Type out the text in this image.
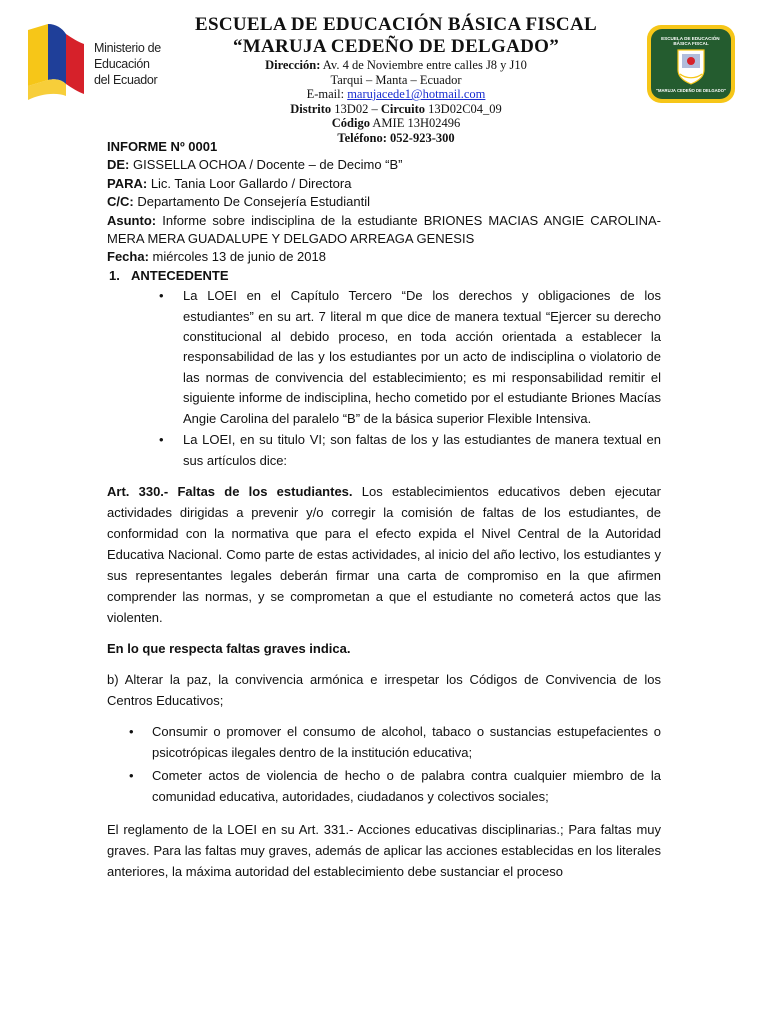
Ministerio de
Educación
del Ecuador
ESCUELA DE EDUCACIÓN BÁSICA FISCAL
“MARUJA CEDEÑO DE DELGADO”
Dirección: Av. 4 de Noviembre entre calles J8 y J10
Tarqui – Manta – Ecuador
E-mail: marujacede1@hotmail.com
Distrito 13D02 – Circuito 13D02C04_09
Código AMIE 13H02496
Teléfono: 052-923-300
ESCUELA DE EDUCACIÓN BÁSICA FISCAL
"MARUJA CEDEÑO DE DELGADO"
INFORME Nº 0001
DE: GISSELLA OCHOA / Docente – de Decimo “B”
PARA: Lic. Tania Loor Gallardo / Directora
C/C: Departamento De Consejería Estudiantil
Asunto: Informe sobre indisciplina de la estudiante BRIONES MACIAS ANGIE CAROLINA- MERA MERA GUADALUPE Y DELGADO ARREAGA GENESIS
Fecha: miércoles 13 de junio de 2018
1. ANTECEDENTE
• La LOEI en el Capítulo Tercero “De los derechos y obligaciones de los estudiantes” en su art. 7 literal m que dice de manera textual “Ejercer su derecho constitucional al debido proceso, en toda acción orientada a establecer la responsabilidad de las y los estudiantes por un acto de indisciplina o violatorio de las normas de convivencia del establecimiento; es mi responsabilidad remitir el siguiente informe de indisciplina, hecho cometido por el estudiante Briones Macías Angie Carolina del paralelo “B” de la básica superior Flexible Intensiva.
• La LOEI, en su titulo VI; son faltas de los y las estudiantes de manera textual en sus artículos dice:

Art. 330.- Faltas de los estudiantes. Los establecimientos educativos deben ejecutar actividades dirigidas a prevenir y/o corregir la comisión de faltas de los estudiantes, de conformidad con la normativa que para el efecto expida el Nivel Central de la Autoridad Educativa Nacional. Como parte de estas actividades, al inicio del año lectivo, los estudiantes y sus representantes legales deberán firmar una carta de compromiso en la que afirmen comprender las normas, y se comprometan a que el estudiante no cometerá actos que las violenten.

En lo que respecta faltas graves indica.

b) Alterar la paz, la convivencia armónica e irrespetar los Códigos de Convivencia de los Centros Educativos;

• Consumir o promover el consumo de alcohol, tabaco o sustancias estupefacientes o psicotrópicas ilegales dentro de la institución educativa;
• Cometer actos de violencia de hecho o de palabra contra cualquier miembro de la comunidad educativa, autoridades, ciudadanos y colectivos sociales;

El reglamento de la LOEI en su Art. 331.- Acciones educativas disciplinarias.; Para faltas muy graves. Para las faltas muy graves, además de aplicar las acciones establecidas en los literales anteriores, la máxima autoridad del establecimiento debe sustanciar el proceso
